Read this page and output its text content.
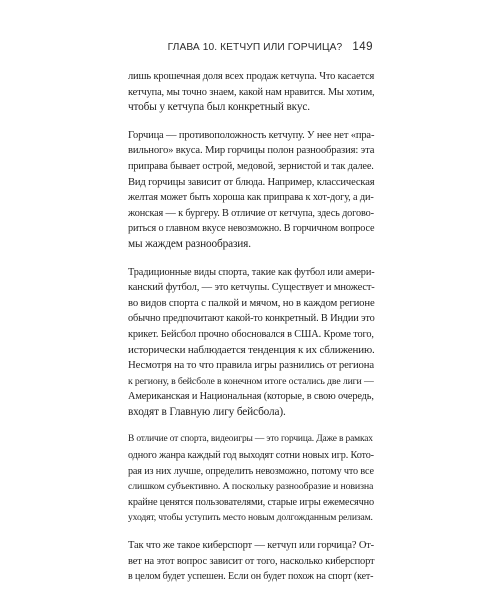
ГЛАВА 10. КЕТЧУП ИЛИ ГОРЧИЦА? 149
лишь крошечная доля всех продаж кетчупа. Что касается
кетчупа, мы точно знаем, какой нам нравится. Мы хотим,
чтобы у кетчупа был конкретный вкус.
Горчица — противоположность кетчупу. У нее нет «пра-
вильного» вкуса. Мир горчицы полон разнообразия: эта
приправа бывает острой, медовой, зернистой и так далее.
Вид горчицы зависит от блюда. Например, классическая
желтая может быть хороша как приправа к хот-догу, а ди-
жонская — к бургеру. В отличие от кетчупа, здесь догово-
риться о главном вкусе невозможно. В горчичном вопросе
мы жаждем разнообразия.
Традиционные виды спорта, такие как футбол или амери-
канский футбол, — это кетчупы. Существует и множест-
во видов спорта с палкой и мячом, но в каждом регионе
обычно предпочитают какой-то конкретный. В Индии это
крикет. Бейсбол прочно обосновался в США. Кроме того,
исторически наблюдается тенденция к их сближению.
Несмотря на то что правила игры разнились от региона
к региону, в бейсболе в конечном итоге остались две лиги —
Американская и Национальная (которые, в свою очередь,
входят в Главную лигу бейсбола).
В отличие от спорта, видеоигры — это горчица. Даже в рамках
одного жанра каждый год выходят сотни новых игр. Кото-
рая из них лучше, определить невозможно, потому что все
слишком субъективно. А поскольку разнообразие и новизна
крайне ценятся пользователями, старые игры ежемесячно
уходят, чтобы уступить место новым долгожданным релизам.
Так что же такое киберспорт — кетчуп или горчица? От-
вет на этот вопрос зависит от того, насколько киберспорт
в целом будет успешен. Если он будет похож на спорт (кет-
